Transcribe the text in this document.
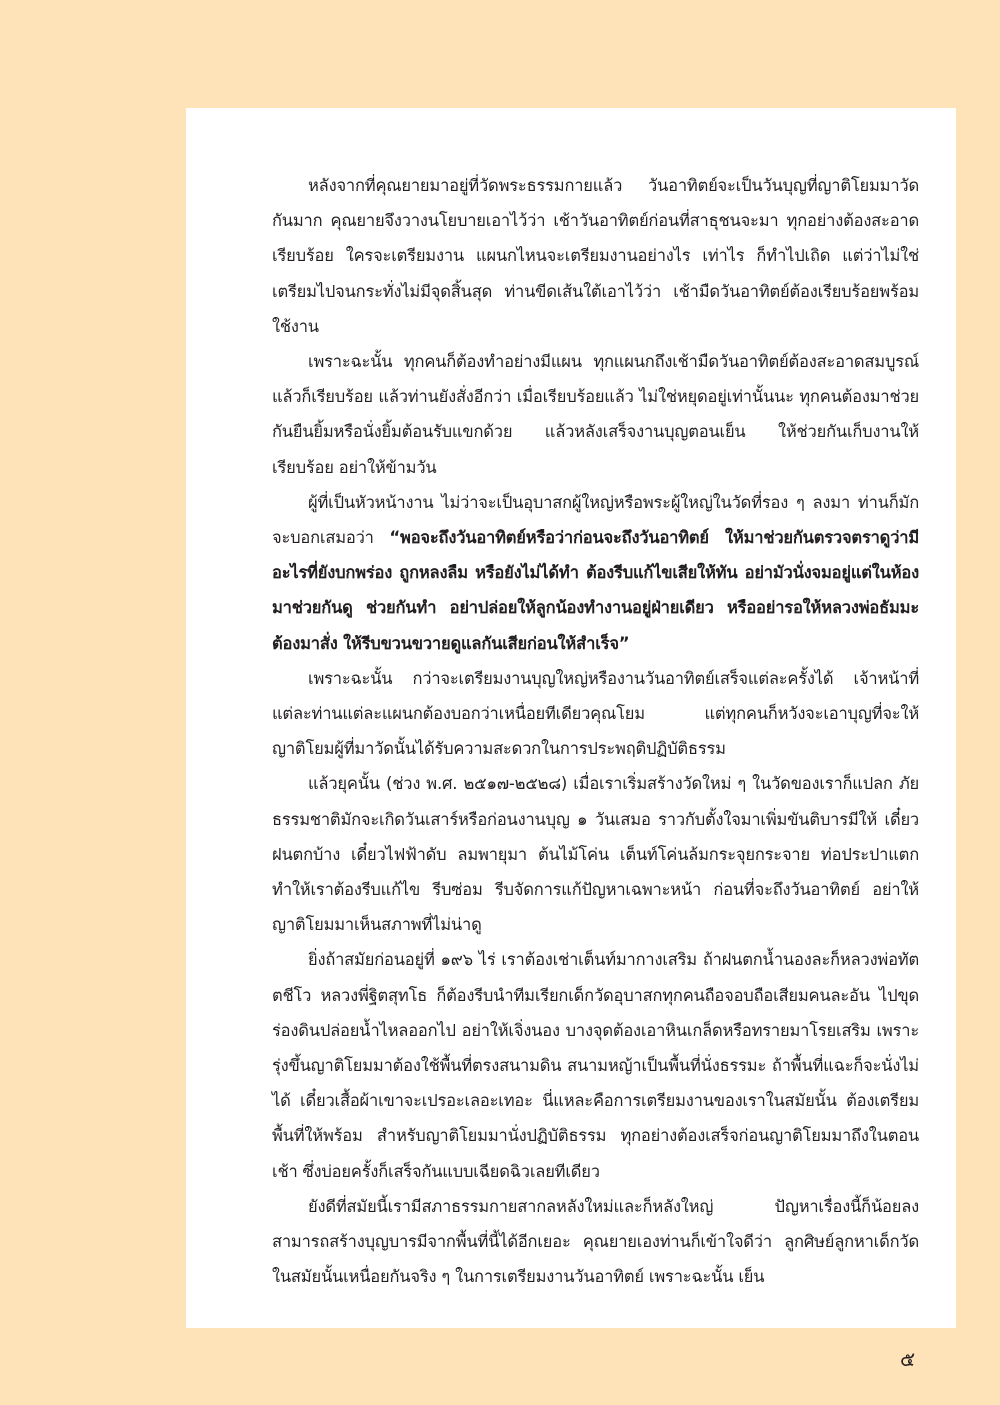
หลังจากที่คุณยายมาอยู่ที่วัดพระธรรมกายแล้ว วันอาทิตย์จะเป็นวันบุญที่ญาติโยมมาวัดกันมาก คุณยายจึงวางนโยบายเอาไว้ว่า เช้าวันอาทิตย์ก่อนที่สาธุชนจะมา ทุกอย่างต้องสะอาดเรียบร้อย ใครจะเตรียมงาน แผนกไหนจะเตรียมงานอย่างไร เท่าไร ก็ทำไปเถิด แต่ว่าไม่ใช่เตรียมไปจนกระทั่งไม่มีจุดสิ้นสุด ท่านขีดเส้นใต้เอาไว้ว่า เช้ามืดวันอาทิตย์ต้องเรียบร้อยพร้อมใช้งาน

เพราะฉะนั้น ทุกคนก็ต้องทำอย่างมีแผน ทุกแผนกถึงเช้ามืดวันอาทิตย์ต้องสะอาดสมบูรณ์ แล้วก็เรียบร้อย แล้วท่านยังสั่งอีกว่า เมื่อเรียบร้อยแล้ว ไม่ใช่หยุดอยู่เท่านั้นนะ ทุกคนต้องมาช่วยกันยืนยิ้มหรือนั่งยิ้มต้อนรับแขกด้วย แล้วหลังเสร็จงานบุญตอนเย็น ให้ช่วยกันเก็บงานให้เรียบร้อย อย่าให้ข้ามวัน

ผู้ที่เป็นหัวหน้างาน ไม่ว่าจะเป็นอุบาสกผู้ใหญ่หรือพระผู้ใหญ่ในวัดที่รอง ๆ ลงมา ท่านก็มักจะบอกเสมอว่า “พอจะถึงวันอาทิตย์หรือว่าก่อนจะถึงวันอาทิตย์ ให้มาช่วยกันตรวจตราดูว่ามีอะไรที่ยังบกพร่อง ถูกหลงลืม หรือยังไม่ได้ทำ ต้องรีบแก้ไขเสียให้ทัน อย่ามัวนั่งจมอยู่แต่ในห้อง มาช่วยกันดู ช่วยกันทำ อย่าปล่อยให้ลูกน้องทำงานอยู่ฝ่ายเดียว หรืออย่ารอให้หลวงพ่อธัมมะต้องมาสั่ง ให้รีบขวนขวายดูแลกันเสียก่อนให้สำเร็จ”

เพราะฉะนั้น กว่าจะเตรียมงานบุญใหญ่หรืองานวันอาทิตย์เสร็จแต่ละครั้งได้ เจ้าหน้าที่แต่ละท่านแต่ละแผนกต้องบอกว่าเหนื่อยทีเดียวคุณโยม แต่ทุกคนก็หวังจะเอาบุญที่จะให้ญาติโยมผู้ที่มาวัดนั้นได้รับความสะดวกในการประพฤติปฏิบัติธรรม

แล้วยุคนั้น (ช่วง พ.ศ. ๒๕๑๗-๒๕๒๘) เมื่อเราเริ่มสร้างวัดใหม่ ๆ ในวัดของเราก็แปลก ภัยธรรมชาติมักจะเกิดวันเสาร์หรือก่อนงานบุญ ๑ วันเสมอ ราวกับตั้งใจมาเพิ่มขันติบารมีให้ เดี๋ยวฝนตกบ้าง เดี๋ยวไฟฟ้าดับ ลมพายุมา ต้นไม้โค่น เต็นท์โค่นล้มกระจุยกระจาย ท่อประปาแตก ทำให้เราต้องรีบแก้ไข รีบซ่อม รีบจัดการแก้ปัญหาเฉพาะหน้า ก่อนที่จะถึงวันอาทิตย์ อย่าให้ญาติโยมมาเห็นสภาพที่ไม่น่าดู

ยิ่งถ้าสมัยก่อนอยู่ที่ ๑๙๖ ไร่ เราต้องเช่าเต็นท์มากางเสริม ถ้าฝนตกน้ำนองละก็หลวงพ่อทัตตชีโว หลวงพี่ฐิตสุทโธ ก็ต้องรีบนำทีมเรียกเด็กวัดอุบาสกทุกคนถือจอบถือเสียมคนละอัน ไปขุดร่องดินปล่อยน้ำไหลออกไป อย่าให้เจิ่งนอง บางจุดต้องเอาหินเกล็ดหรือทรายมาโรยเสริม เพราะรุ่งขึ้นญาติโยมมาต้องใช้พื้นที่ตรงสนามดิน สนามหญ้าเป็นพื้นที่นั่งธรรมะ ถ้าพื้นที่แฉะก็จะนั่งไม่ได้ เดี๋ยวเสื้อผ้าเขาจะเปรอะเลอะเทอะ นี่แหละคือการเตรียมงานของเราในสมัยนั้น ต้องเตรียมพื้นที่ให้พร้อม สำหรับญาติโยมมานั่งปฏิบัติธรรม ทุกอย่างต้องเสร็จก่อนญาติโยมมาถึงในตอนเช้า ซึ่งบ่อยครั้งก็เสร็จกันแบบเฉียดฉิวเลยทีเดียว

ยังดีที่สมัยนี้เรามีสภาธรรมกายสากลหลังใหม่และก็หลังใหญ่ ปัญหาเรื่องนี้ก็น้อยลง สามารถสร้างบุญบารมีจากพื้นที่นี้ได้อีกเยอะ คุณยายเองท่านก็เข้าใจดีว่า ลูกศิษย์ลูกหาเด็กวัดในสมัยนั้นเหนื่อยกันจริง ๆ ในการเตรียมงานวันอาทิตย์ เพราะฉะนั้น เย็น

๕
